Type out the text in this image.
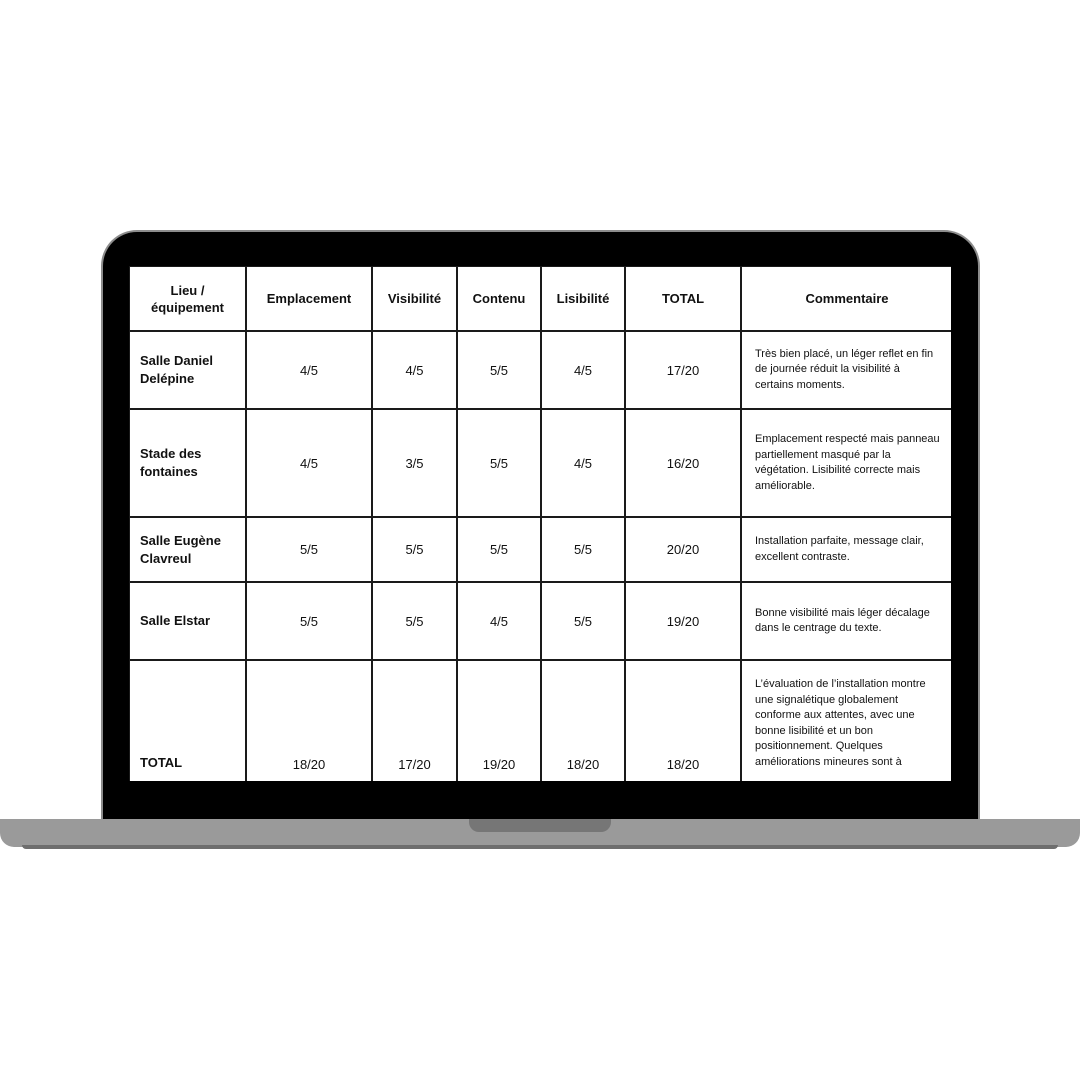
Lieu / équipement	Emplacement	Visibilité	Contenu	Lisibilité	TOTAL	Commentaire
Salle Daniel Delépine	4/5	4/5	5/5	4/5	17/20	Très bien placé, un léger reflet en fin de journée réduit la visibilité à certains moments.
Stade des fontaines	4/5	3/5	5/5	4/5	16/20	Emplacement respecté mais panneau partiellement masqué par la végétation. Lisibilité correcte mais améliorable.
Salle Eugène Clavreul	5/5	5/5	5/5	5/5	20/20	Installation parfaite, message clair, excellent contraste.
Salle Elstar	5/5	5/5	4/5	5/5	19/20	Bonne visibilité mais léger décalage dans le centrage du texte.
TOTAL	18/20	17/20	19/20	18/20	18/20	L’évaluation de l’installation montre une signalétique globalement conforme aux attentes, avec une bonne lisibilité et un bon positionnement. Quelques améliorations mineures sont à
